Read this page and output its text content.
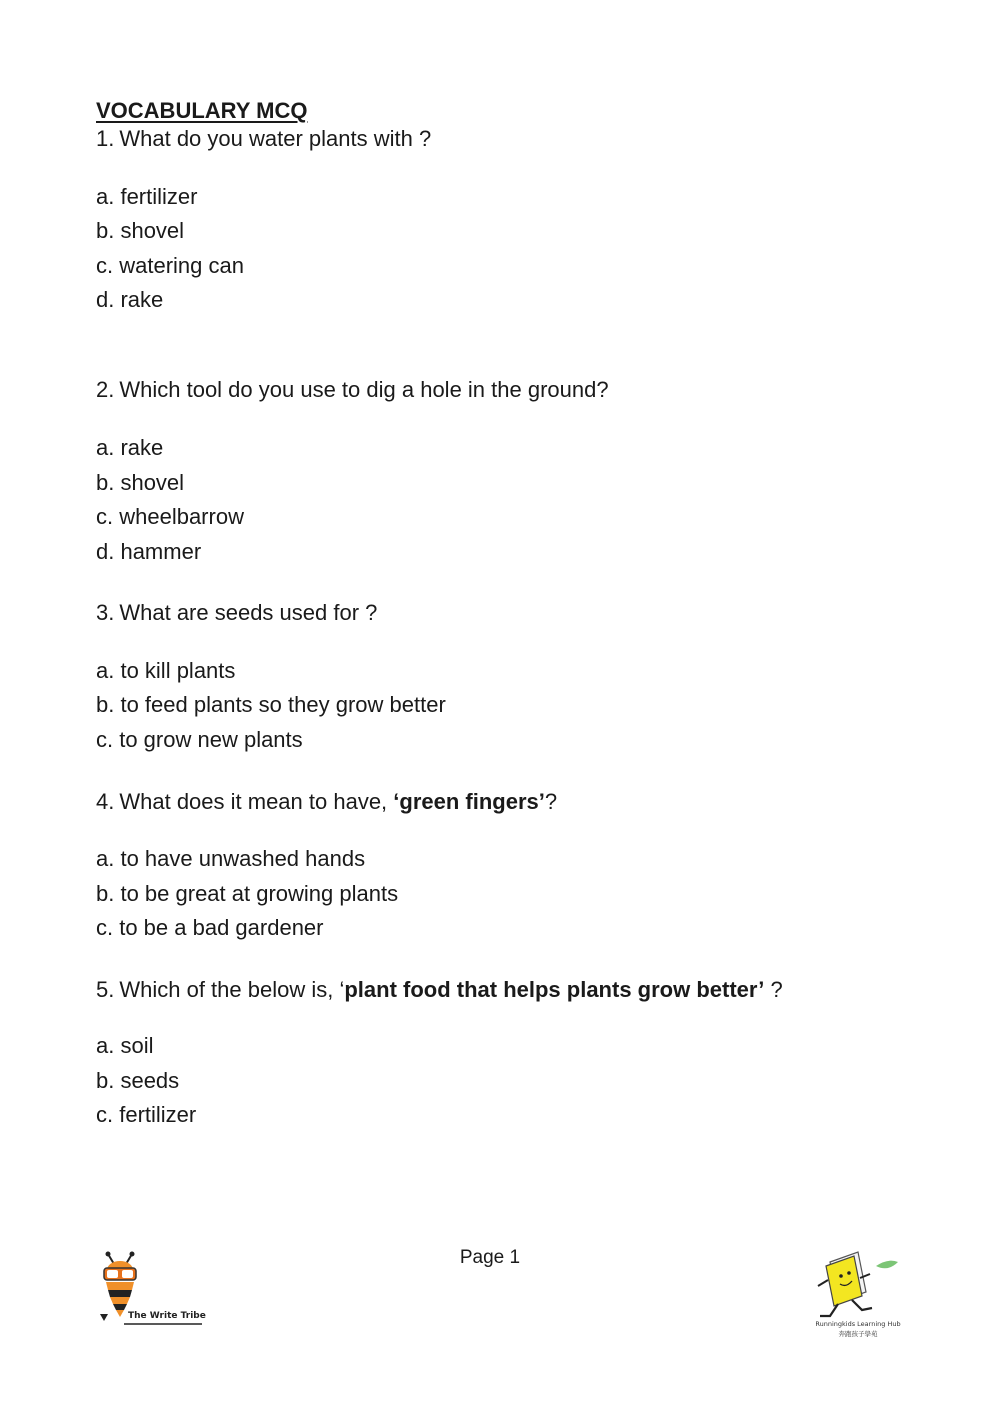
VOCABULARY MCQ
1. What do you water plants with ?
a. fertilizer
b. shovel
c. watering can
d. rake
2. Which tool do you use to dig a hole in the ground?
a. rake
b. shovel
c. wheelbarrow
d. hammer
3. What are seeds used for ?
a. to kill plants
b. to feed plants so they grow better
c. to grow new plants
4. What does it mean to have, ‘green fingers’?
a. to have unwashed hands
b. to be great at growing plants
c. to be a bad gardener
5. Which of the below is, ‘plant food that helps plants grow better’ ?
a. soil
b. seeds
c. fertilizer
Page 1
The Write Tribe
Runningkids Learning Hub
奔跑孩子學苑
